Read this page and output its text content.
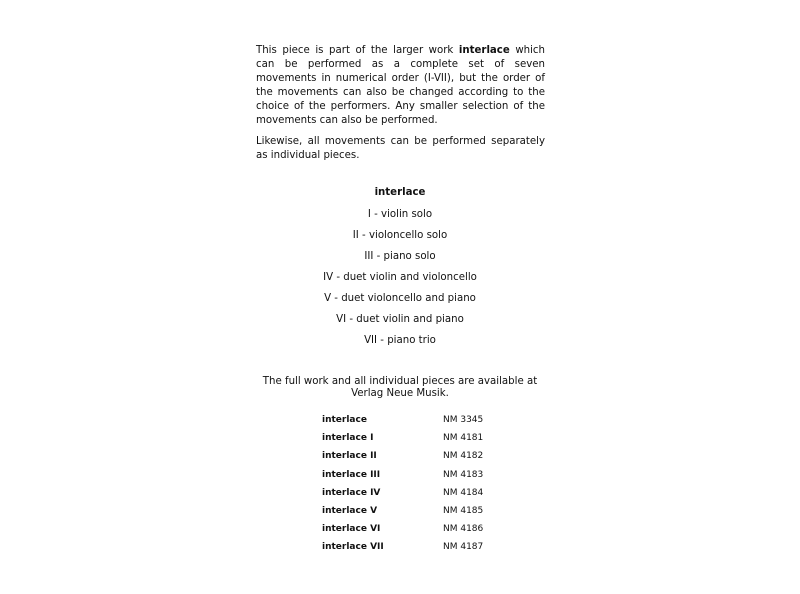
This piece is part of the larger work interlace which can be performed as a complete set of seven movements in numerical order (I-VII), but the order of the movements can also be changed according to the choice of the performers. Any smaller selection of the movements can also be performed.

Likewise, all movements can be performed separately as individual pieces.

interlace
I - violin solo
II - violoncello solo
III - piano solo
IV - duet violin and violoncello
V - duet violoncello and piano
VI - duet violin and piano
VII - piano trio
The full work and all individual pieces are available at
Verlag Neue Musik.
interlace	NM 3345
interlace I	NM 4181
interlace II	NM 4182
interlace III	NM 4183
interlace IV	NM 4184
interlace V	NM 4185
interlace VI	NM 4186
interlace VII	NM 4187
